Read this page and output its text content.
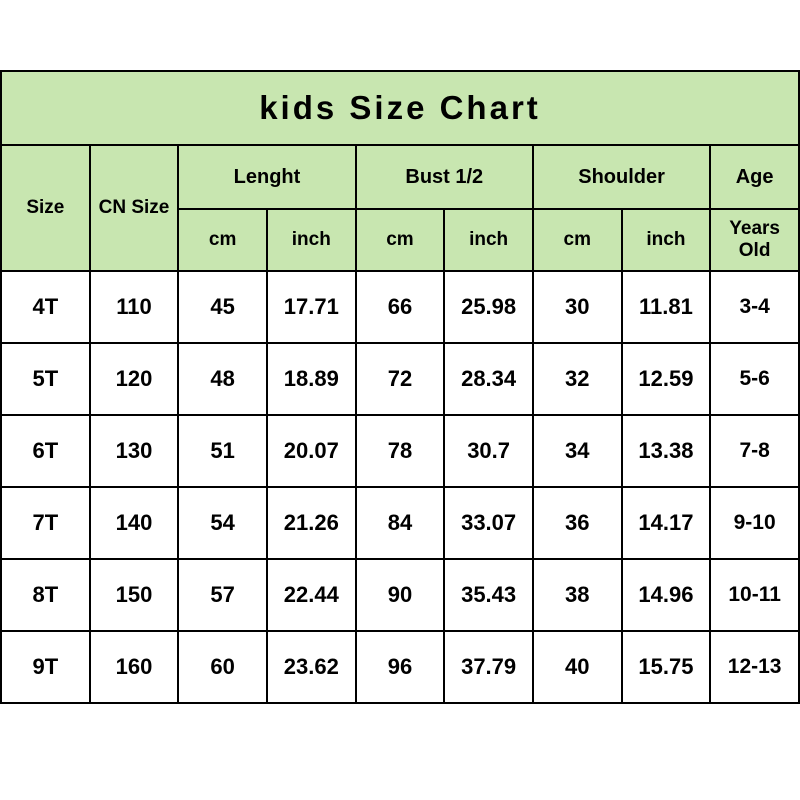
kids Size Chart								
Size	CN Size	Lenght		Bust 1/2		Shoulder		Age
		cm	inch	cm	inch	cm	inch	Years Old
4T	110	45	17.71	66	25.98	30	11.81	3-4
5T	120	48	18.89	72	28.34	32	12.59	5-6
6T	130	51	20.07	78	30.7	34	13.38	7-8
7T	140	54	21.26	84	33.07	36	14.17	9-10
8T	150	57	22.44	90	35.43	38	14.96	10-11
9T	160	60	23.62	96	37.79	40	15.75	12-13
